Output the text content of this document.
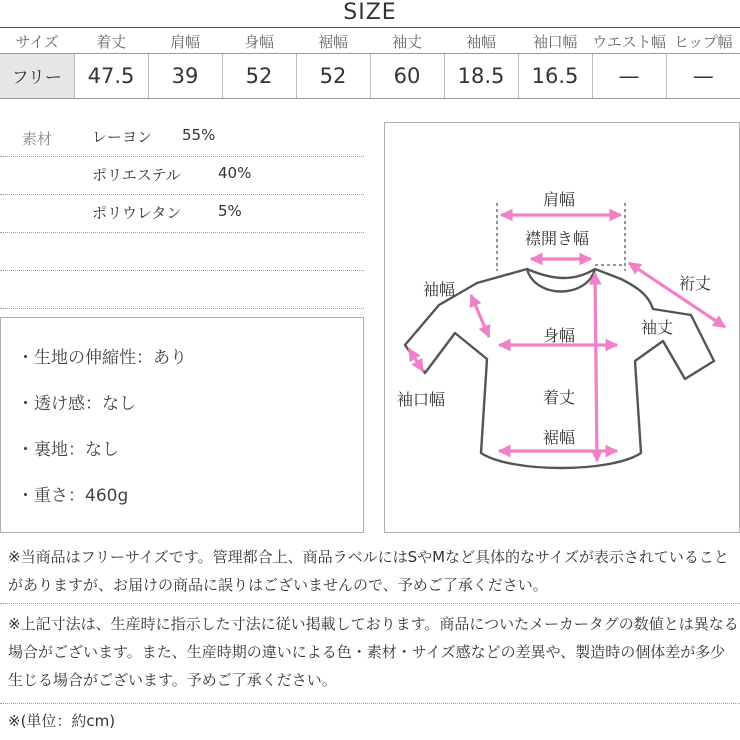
SIZE
サイズ	着丈	肩幅	身幅	裾幅	袖丈	袖幅	袖口幅	ウエスト幅	ヒップ幅
フリー	47.5	39	52	52	60	18.5	16.5	—	—
素材	レーヨン 55%
ポリエステル 40%
ポリウレタン 5%
・生地の伸縮性：あり
・透け感：なし
・裏地：なし
・重さ：460g
肩幅
襟開き幅
裄丈
袖幅
袖丈
身幅
袖口幅	着丈
裾幅
※当商品はフリーサイズです。管理都合上、商品ラベルにはSやMなど具体的なサイズが表示されていることがありますが、お届けの商品に誤りはございませんので、予めご了承ください。
※上記寸法は、生産時に指示した寸法に従い掲載しております。商品についたメーカータグの数値とは異なる場合がございます。また、生産時期の違いによる色・素材・サイズ感などの差異や、製造時の個体差が多少生じる場合がございます。予めご了承ください。
※(単位：約cm)
